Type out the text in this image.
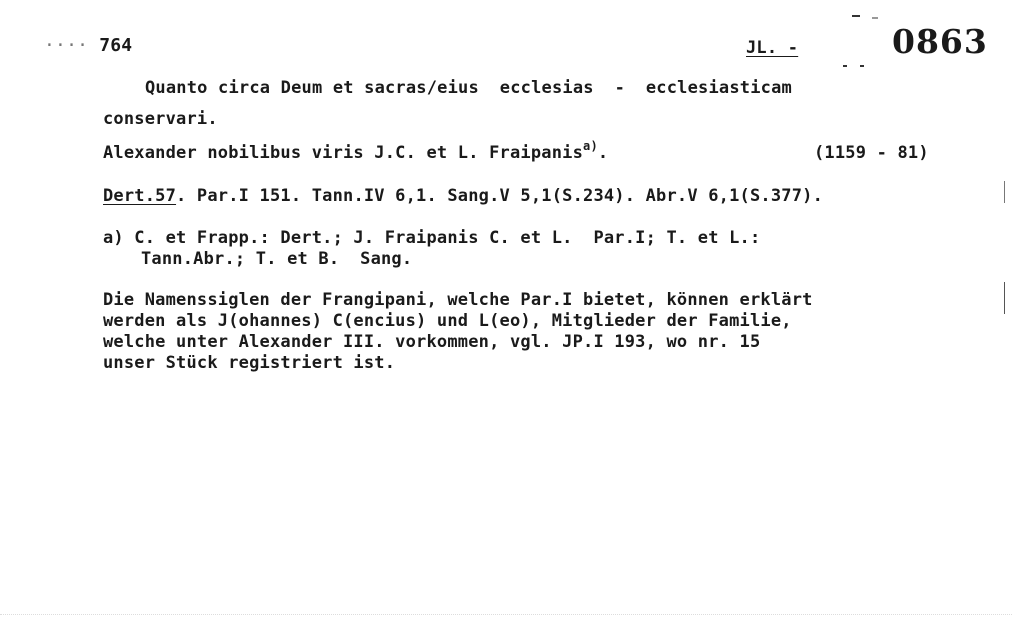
···· 764	JL. -	0863
Quanto circa Deum et sacras/eius  ecclesias  -  ecclesiasticam
conservari.
Alexander nobilibus viris J.C. et L. Fraipanis$^{a)}$.	(1159 - 81)
Dert.57. Par.I 151. Tann.IV 6,1. Sang.V 5,1(S.234). Abr.V 6,1(S.377).
a) C. et Frapp.: Dert.; J. Fraipanis C. et L.  Par.I; T. et L.:
Tann.Abr.; T. et B.  Sang.
Die Namenssiglen der Frangipani, welche Par.I bietet, können erklärt
werden als J(ohannes) C(encius) und L(eo), Mitglieder der Familie,
welche unter Alexander III. vorkommen, vgl. JP.I 193, wo nr. 15
unser Stück registriert ist.
